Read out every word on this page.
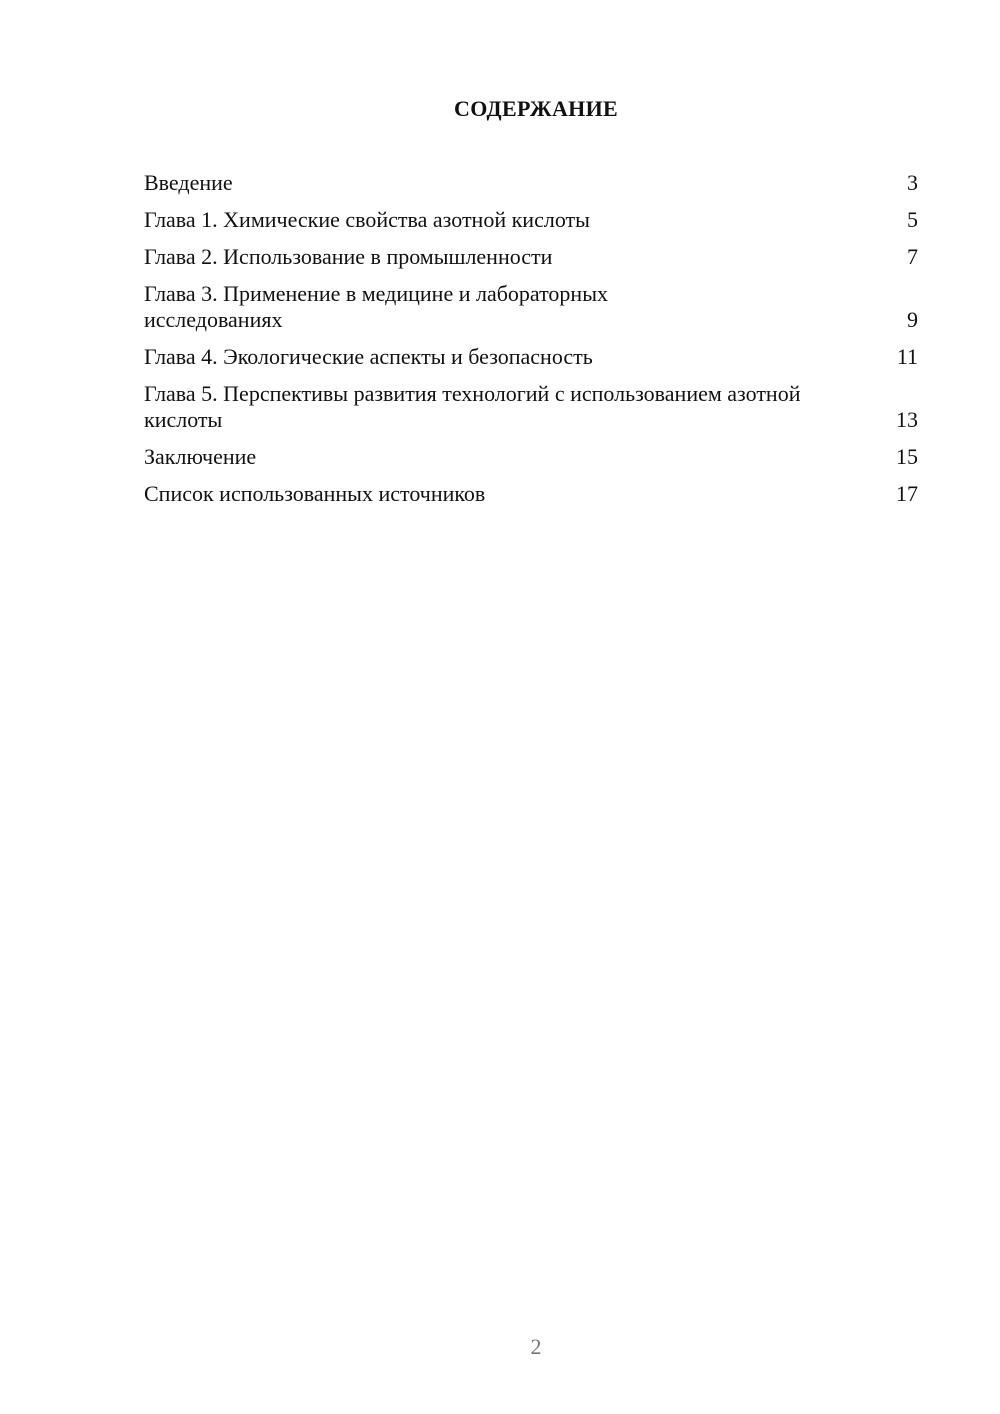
СОДЕРЖАНИЕ
Введение	3
Глава 1. Химические свойства азотной кислоты	5
Глава 2. Использование в промышленности	7
Глава 3. Применение в медицине и лабораторных исследованиях	9
Глава 4. Экологические аспекты и безопасность	11
Глава 5. Перспективы развития технологий с использованием азотной кислоты	13
Заключение	15
Список использованных источников	17
2
